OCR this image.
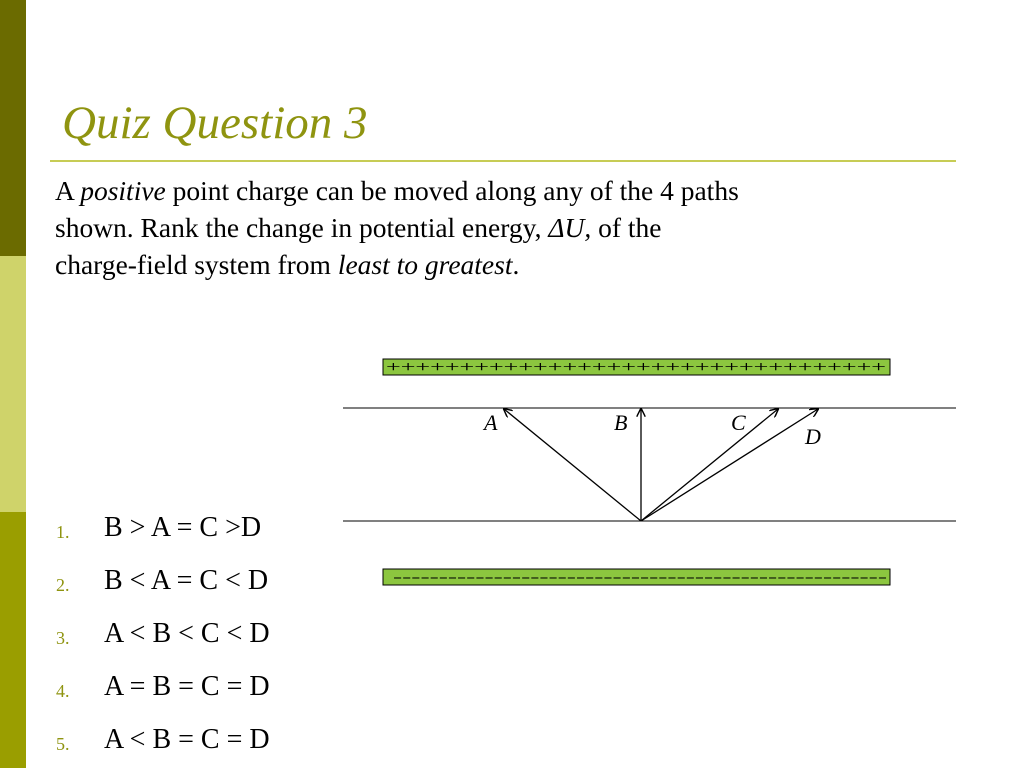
Quiz Question 3
A positive point charge can be moved along any of the 4 paths
shown. Rank the change in potential energy, ΔU, of the
charge-field system from least to greatest.
++++++++++++++++++++++++++++++++++
------------------------------------------------------
A	B	C
D
1. B > A = C >D
2. B < A = C < D
3. A < B < C < D
4. A = B = C = D
5. A < B = C = D
